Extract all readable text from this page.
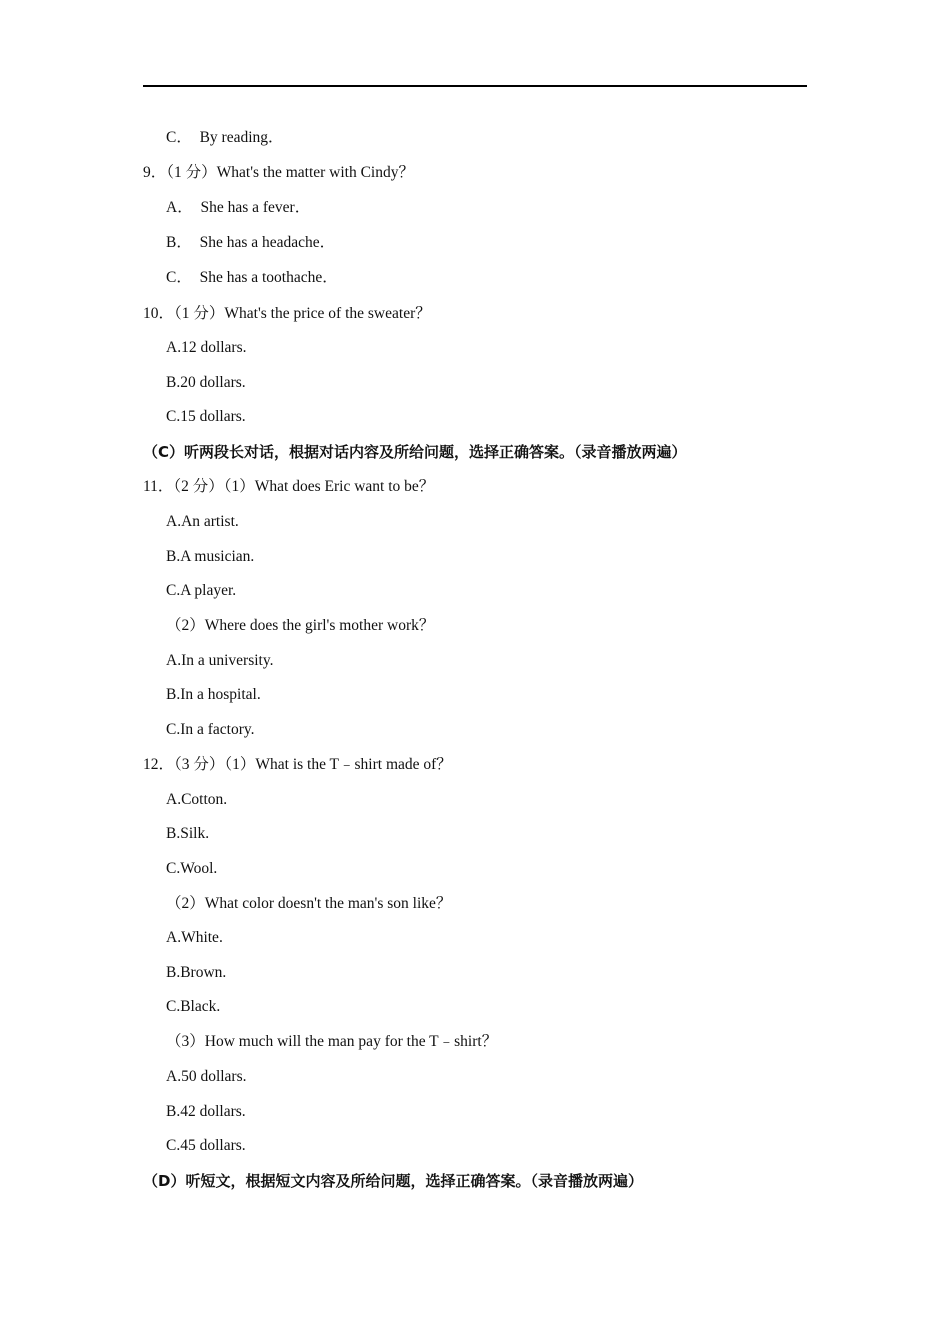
C．  By reading．
9．（1 分）What's the matter with Cindy？
A．  She has a fever．
B．  She has a headache．
C．  She has a toothache．
10．（1 分）What's the price of the sweater？
A.12 dollars.
B.20 dollars.
C.15 dollars.
（C）听两段长对话，根据对话内容及所给问题，选择正确答案。（录音播放两遍）
11．（2 分）（1）What does Eric want to be？
A.An artist.
B.A musician.
C.A player.
（2）Where does the girl's mother work？
A.In a university.
B.In a hospital.
C.In a factory.
12．（3 分）（1）What is the T﹣shirt made of？
A.Cotton.
B.Silk.
C.Wool.
（2）What color doesn't the man's son like？
A.White.
B.Brown.
C.Black.
（3）How much will the man pay for the T﹣shirt？
A.50 dollars.
B.42 dollars.
C.45 dollars.
（D）听短文，根据短文内容及所给问题，选择正确答案。（录音播放两遍）
